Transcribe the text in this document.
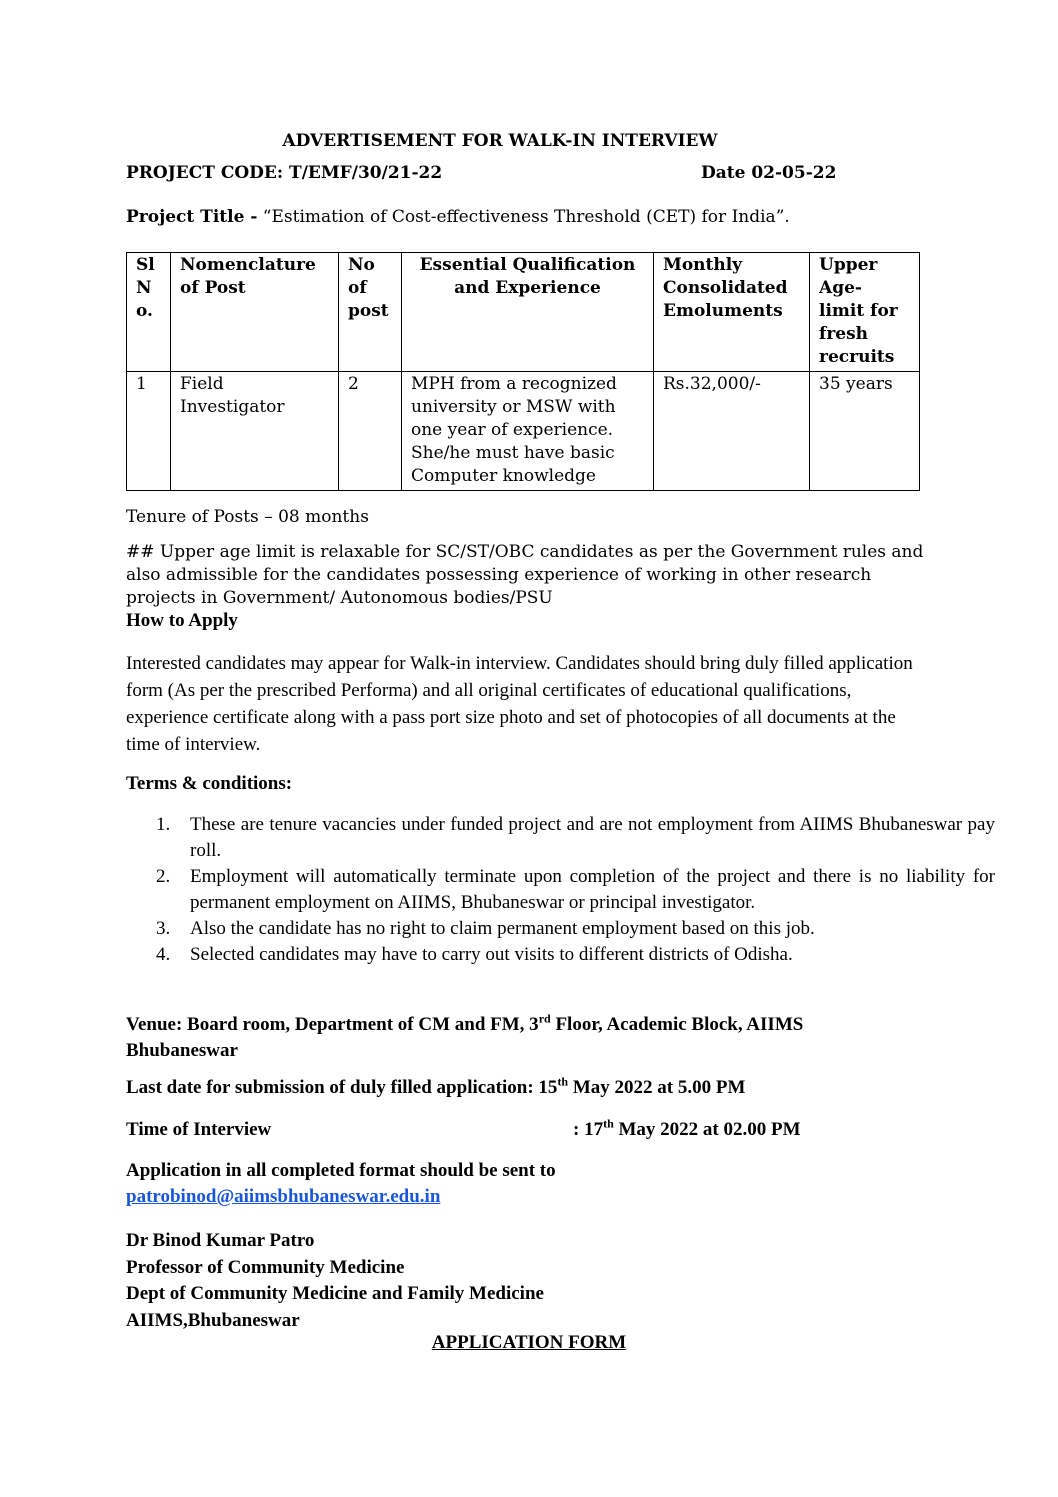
ADVERTISEMENT FOR WALK-IN INTERVIEW
PROJECT CODE: T/EMF/30/21-22	Date 02-05-22
Project Title - “Estimation of Cost-effectiveness Threshold (CET) for India”.
Sl N o.	Nomenclature of Post	No of post	Essential Qualification and Experience	Monthly Consolidated Emoluments	Upper Age- limit for fresh recruits
1	Field Investigator	2	MPH from a recognized university or MSW with one year of experience. She/he must have basic Computer knowledge	Rs.32,000/-	35 years
Tenure of Posts – 08 months
## Upper age limit is relaxable for SC/ST/OBC candidates as per the Government rules and also admissible for the candidates possessing experience of working in other research projects in Government/ Autonomous bodies/PSU
How to Apply
Interested candidates may appear for Walk-in interview. Candidates should bring duly filled application form (As per the prescribed Performa) and all original certificates of educational qualifications, experience certificate along with a pass port size photo and set of photocopies of all documents at the time of interview.
Terms & conditions:
These are tenure vacancies under funded project and are not employment from AIIMS Bhubaneswar pay roll.
Employment will automatically terminate upon completion of the project and there is no liability for permanent employment on AIIMS, Bhubaneswar or principal investigator.
Also the candidate has no right to claim permanent employment based on this job.
Selected candidates may have to carry out visits to different districts of Odisha.
Venue: Board room, Department of CM and FM, 3rd Floor, Academic Block, AIIMS Bhubaneswar
Last date for submission of duly filled application: 15th May 2022 at 5.00 PM
Time of Interview	: 17th May 2022 at 02.00 PM
Application in all completed format should be sent to
patrobinod@aiimsbhubaneswar.edu.in
Dr Binod Kumar Patro
Professor of Community Medicine
Dept of Community Medicine and Family Medicine
AIIMS,Bhubaneswar
APPLICATION FORM
